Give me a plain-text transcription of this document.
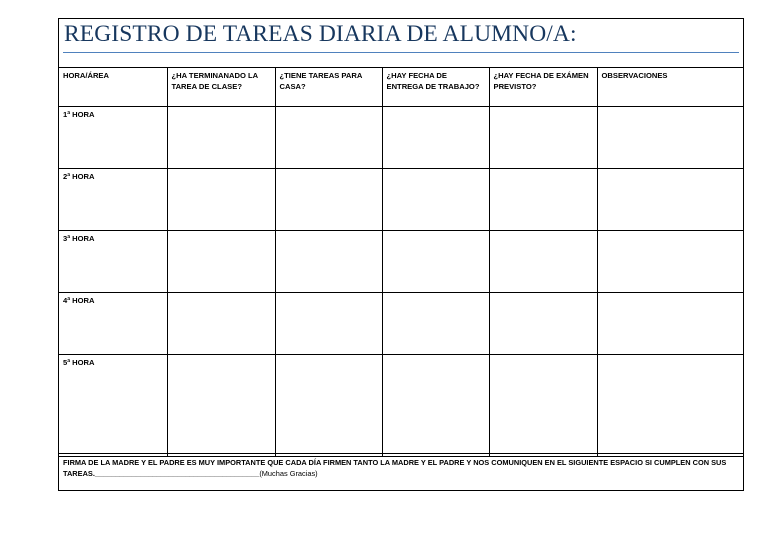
REGISTRO DE TAREAS DIARIA DE ALUMNO/A:
HORA/ÁREA	¿HA TERMINANADO LA TAREA DE CLASE?	¿TIENE TAREAS PARA CASA?	¿HAY FECHA DE ENTREGA DE TRABAJO?	¿HAY FECHA DE EXÁMEN PREVISTO?	OBSERVACIONES
1ª HORA					
2ª HORA					
3ª HORA					
4ª HORA					
5ª HORA					
FIRMA DE LA MADRE Y EL PADRE ES MUY IMPORTANTE QUE CADA DÍA FIRMEN TANTO LA MADRE Y EL PADRE Y NOS COMUNIQUEN EN EL SIGUIENTE ESPACIO SI CUMPLEN CON SUS TAREAS.________________________________________(Muchas Gracias)
